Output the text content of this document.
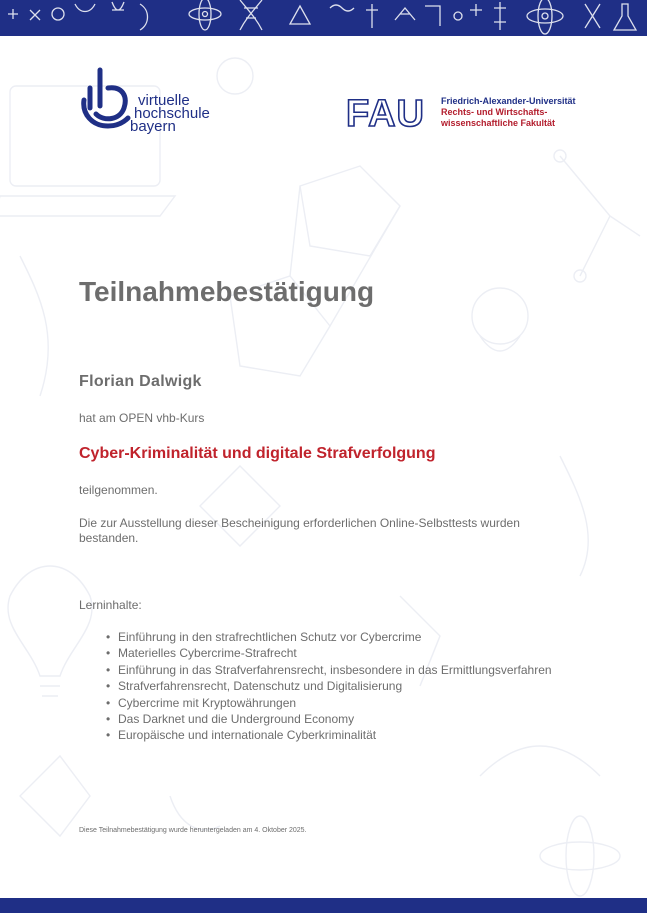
virtuelle
hochschule
bayern	FAU Friedrich-Alexander-Universität
Rechts- und Wirtschafts-
wissenschaftliche Fakultät
Teilnahmebestätigung
Florian Dalwigk
hat am OPEN vhb-Kurs
Cyber-Kriminalität und digitale Strafverfolgung
teilgenommen.
Die zur Ausstellung dieser Bescheinigung erforderlichen Online-Selbsttests wurden bestanden.
Lerninhalte:
• Einführung in den strafrechtlichen Schutz vor Cybercrime
• Materielles Cybercrime-Strafrecht
• Einführung in das Strafverfahrensrecht, insbesondere in das Ermittlungsverfahren
• Strafverfahrensrecht, Datenschutz und Digitalisierung
• Cybercrime mit Kryptowährungen
• Das Darknet und die Underground Economy
• Europäische und internationale Cyberkriminalität
Diese Teilnahmebestätigung wurde heruntergeladen am 4. Oktober 2025.
